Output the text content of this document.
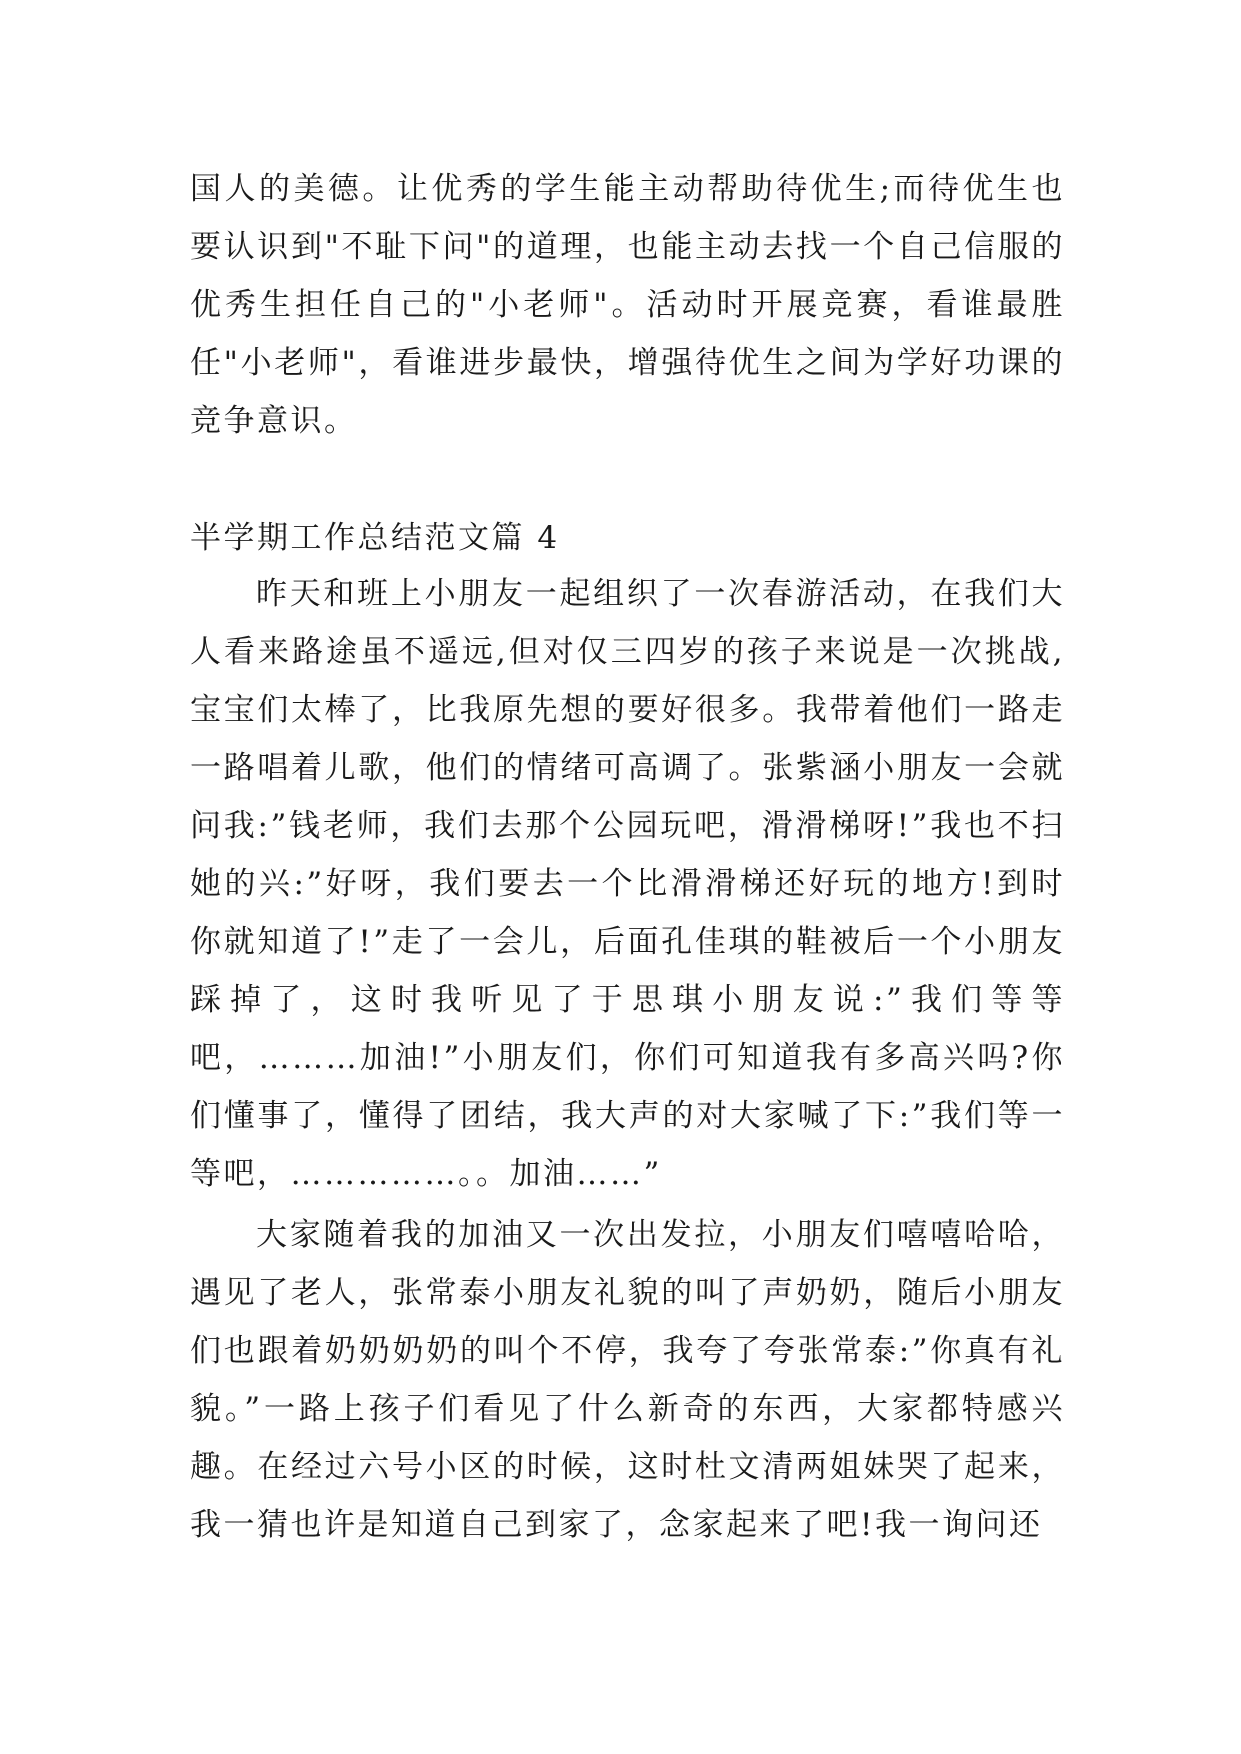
国人的美德。让优秀的学生能主动帮助待优生;而待优生也要认识到"不耻下问"的道理，也能主动去找一个自己信服的优秀生担任自己的"小老师"。活动时开展竞赛，看谁最胜任"小老师"，看谁进步最快，增强待优生之间为学好功课的竞争意识。

半学期工作总结范文篇 4

昨天和班上小朋友一起组织了一次春游活动，在我们大人看来路途虽不遥远,但对仅三四岁的孩子来说是一次挑战,宝宝们太棒了，比我原先想的要好很多。我带着他们一路走一路唱着儿歌，他们的情绪可高调了。张紫涵小朋友一会就问我:”钱老师，我们去那个公园玩吧，滑滑梯呀!”我也不扫她的兴:”好呀，我们要去一个比滑滑梯还好玩的地方!到时你就知道了!”走了一会儿，后面孔佳琪的鞋被后一个小朋友踩掉了，这时我听见了于思琪小朋友说:”我们等等吧，………加油!”小朋友们，你们可知道我有多高兴吗?你们懂事了，懂得了团结，我大声的对大家喊了下:”我们等一等吧，……………。。加油……”

大家随着我的加油又一次出发拉，小朋友们嘻嘻哈哈，遇见了老人，张常泰小朋友礼貌的叫了声奶奶，随后小朋友们也跟着奶奶奶奶的叫个不停，我夸了夸张常泰:”你真有礼貌。”一路上孩子们看见了什么新奇的东西，大家都特感兴趣。在经过六号小区的时候，这时杜文清两姐妹哭了起来，我一猜也许是知道自己到家了，念家起来了吧!我一询问还
